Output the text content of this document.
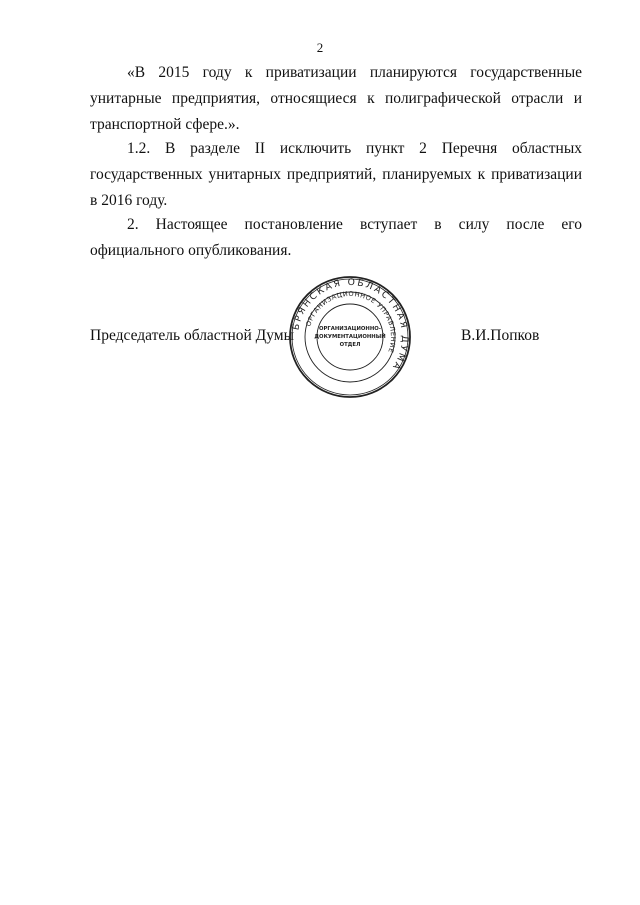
2
«В 2015 году к приватизации планируются государственные унитарные предприятия, относящиеся к полиграфической отрасли и транспортной сфере.».
1.2. В разделе II исключить пункт 2 Перечня областных государственных унитарных предприятий, планируемых к приватизации в 2016 году.
2. Настоящее постановление вступает в силу после его официального опубликования.
Председатель областной Думы
БРЯНСКАЯ ОБЛАСТНАЯ ДУМА
ОРГАНИЗАЦИОННОЕ УПРАВЛЕНИЕ
ОРГАНИЗАЦИОННО-
ДОКУМЕНТАЦИОННЫЙ
ОТДЕЛ
В.И.Попков
